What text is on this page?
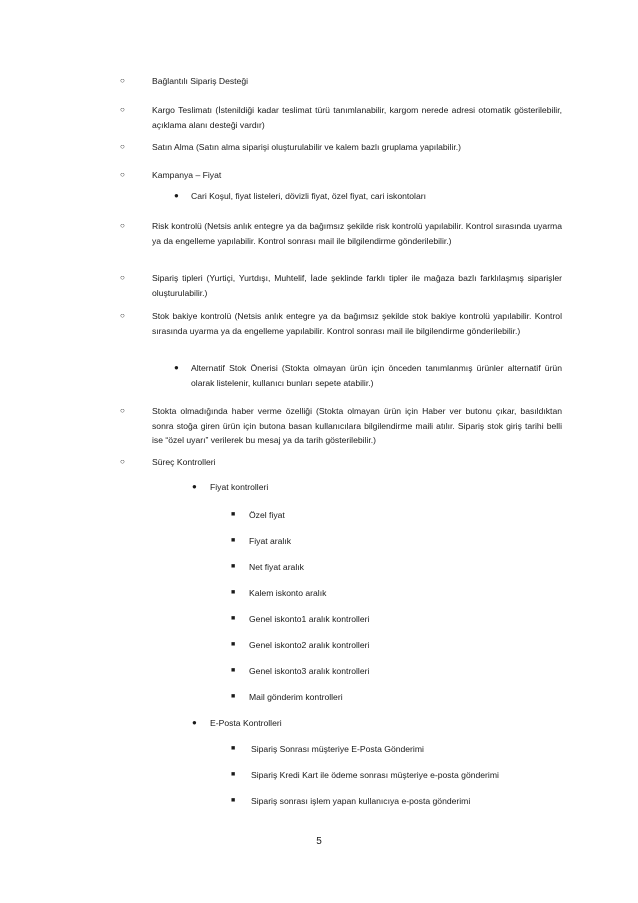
○	Bağlantılı Sipariş Desteği
○	Kargo Teslimatı (İstenildiği kadar teslimat türü tanımlanabilir, kargom nerede adresi otomatik gösterilebilir, açıklama alanı desteği vardır)
○	Satın Alma (Satın alma siparişi oluşturulabilir ve kalem bazlı gruplama yapılabilir.)
○	Kampanya – Fiyat
● Cari Koşul, fiyat listeleri, dövizli fiyat, özel fiyat, cari iskontoları
○	Risk kontrolü (Netsis anlık entegre ya da bağımsız şekilde risk kontrolü yapılabilir. Kontrol sırasında uyarma ya da engelleme yapılabilir. Kontrol sonrası mail ile bilgilendirme gönderilebilir.)
○	Sipariş tipleri (Yurtiçi, Yurtdışı, Muhtelif, İade şeklinde farklı tipler ile mağaza bazlı farklılaşmış siparişler oluşturulabilir.)
○	Stok bakiye kontrolü (Netsis anlık entegre ya da bağımsız şekilde stok bakiye kontrolü yapılabilir. Kontrol sırasında uyarma ya da engelleme yapılabilir. Kontrol sonrası mail ile bilgilendirme gönderilebilir.)
● Alternatif Stok Önerisi (Stokta olmayan ürün için önceden tanımlanmış ürünler alternatif ürün olarak listelenir, kullanıcı bunları sepete atabilir.)
○	Stokta olmadığında haber verme özelliği (Stokta olmayan ürün için Haber ver butonu çıkar, basıldıktan sonra stoğa giren ürün için butona basan kullanıcılara bilgilendirme maili atılır. Sipariş stok giriş tarihi belli ise “özel uyarı” verilerek bu mesaj ya da tarih gösterilebilir.)
○	Süreç Kontrolleri
● Fiyat kontrolleri
■ Özel fiyat
■ Fiyat aralık
■ Net fiyat aralık
■ Kalem iskonto aralık
■ Genel iskonto1 aralık kontrolleri
■ Genel iskonto2 aralık kontrolleri
■ Genel iskonto3 aralık kontrolleri
■ Mail gönderim kontrolleri
● E-Posta Kontrolleri
■ Sipariş Sonrası müşteriye E-Posta Gönderimi
■ Sipariş Kredi Kart ile ödeme sonrası müşteriye e-posta gönderimi
■ Sipariş sonrası işlem yapan kullanıcıya e-posta gönderimi
5
